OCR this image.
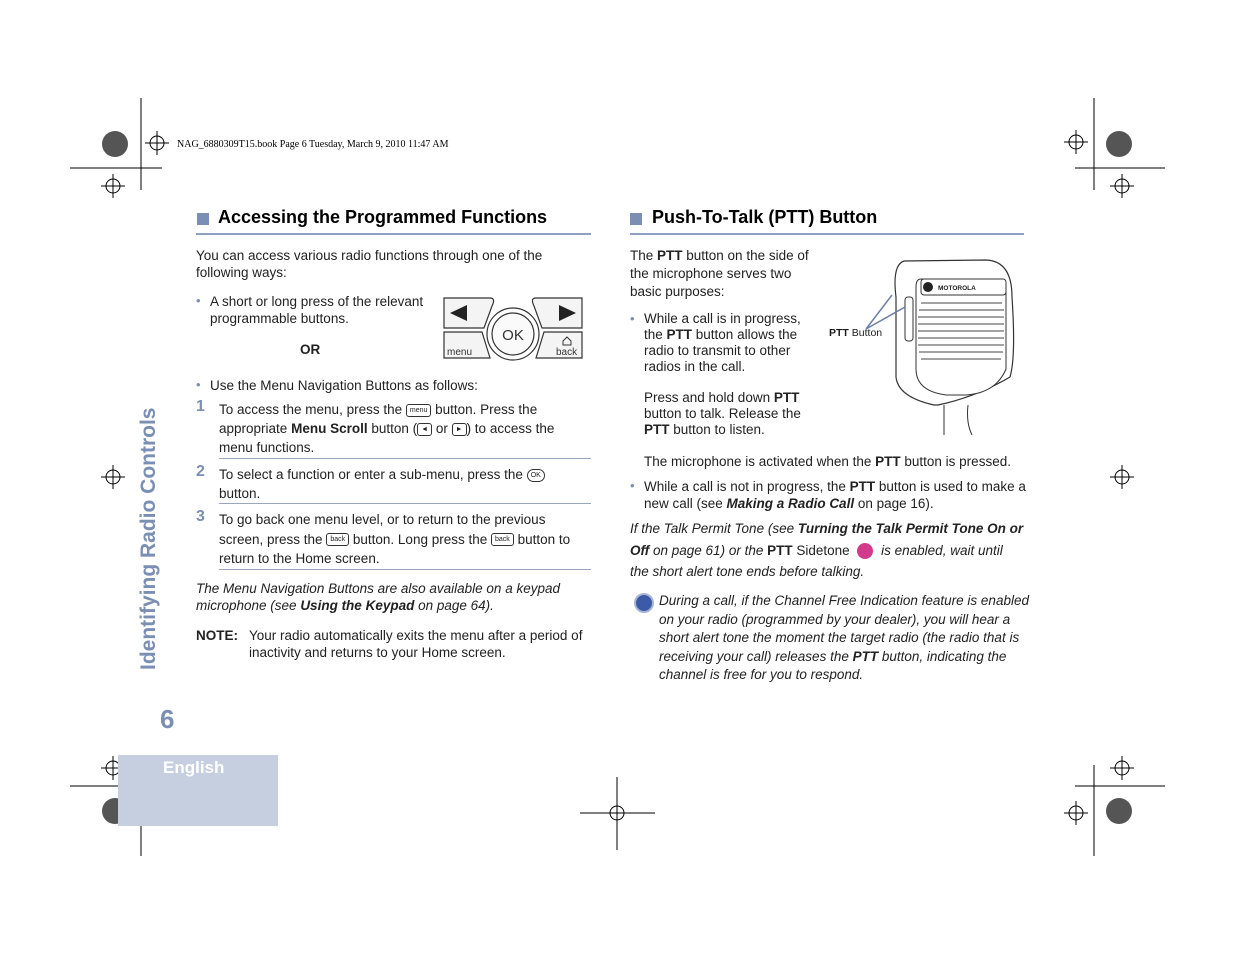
NAG_6880309T15.book Page 6 Tuesday, March 9, 2010 11:47 AM
Identifying Radio Controls
6
English
Accessing the Programmed Functions
You can access various radio functions through one of the following ways:
• A short or long press of the relevant programmable buttons.
OR
OK
menu	back
• Use the Menu Navigation Buttons as follows:
1 To access the menu, press the menu button. Press the appropriate Menu Scroll button ( ◄ or ► ) to access the menu functions.
2 To select a function or enter a sub-menu, press the OK
button.
3 To go back one menu level, or to return to the previous screen, press the back button. Long press the back button to return to the Home screen.
The Menu Navigation Buttons are also available on a keypad microphone (see Using the Keypad on page 64).
NOTE: Your radio automatically exits the menu after a period of inactivity and returns to your Home screen.
Push-To-Talk (PTT) Button
The PTT button on the side of the microphone serves two basic purposes:
• While a call is in progress, the PTT button allows the radio to transmit to other radios in the call.
Press and hold down PTT button to talk. Release the PTT button to listen.
MOTOROLA
PTT Button
The microphone is activated when the PTT button is pressed.
• While a call is not in progress, the PTT button is used to make a new call (see Making a Radio Call on page 16).
If the Talk Permit Tone (see Turning the Talk Permit Tone On or Off on page 61) or the PTT Sidetone  is enabled, wait until the short alert tone ends before talking.
During a call, if the Channel Free Indication feature is enabled on your radio (programmed by your dealer), you will hear a short alert tone the moment the target radio (the radio that is receiving your call) releases the PTT button, indicating the channel is free for you to respond.
